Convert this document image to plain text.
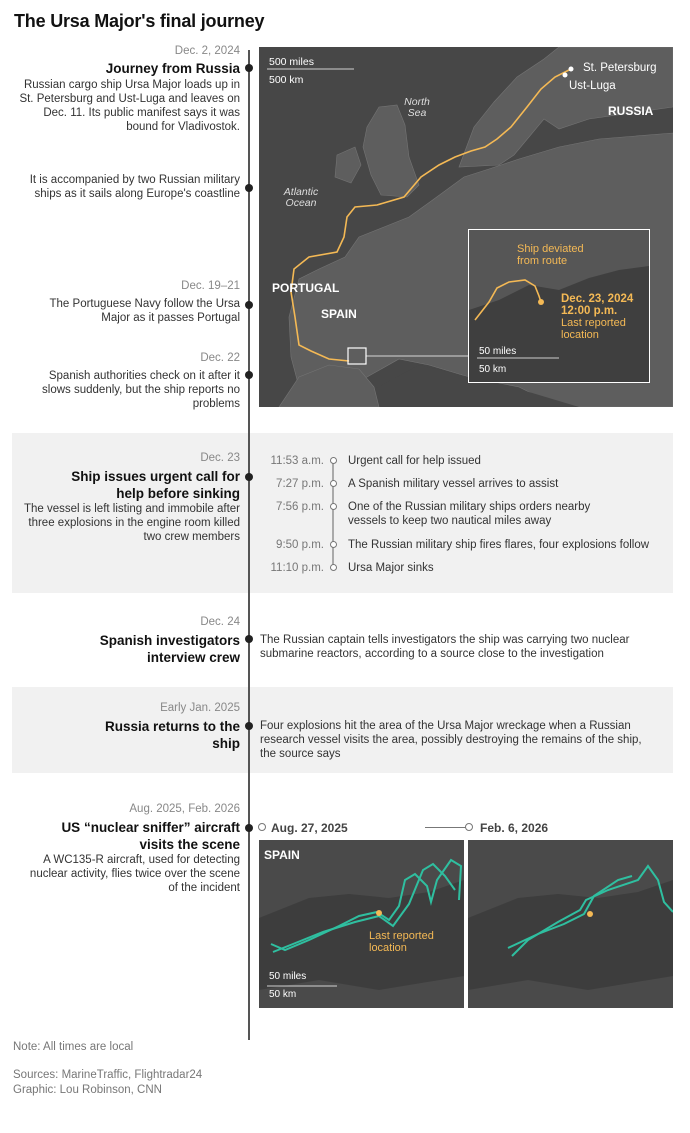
The Ursa Major's final journey
Dec. 2, 2024
Journey from Russia
Russian cargo ship Ursa Major loads up in St. Petersburg and Ust-Luga and leaves on Dec. 11. Its public manifest says it was bound for Vladivostok.
It is accompanied by two Russian military ships as it sails along Europe's coastline
Dec. 19–21
The Portuguese Navy follow the Ursa Major as it passes Portugal
Dec. 22
Spanish authorities check on it after it slows suddenly, but the ship reports no problems
Dec. 23
Ship issues urgent call for help before sinking
The vessel is left listing and immobile after three explosions in the engine room killed two crew members
11:53 a.m. Urgent call for help issued
7:27 p.m. A Spanish military vessel arrives to assist
7:56 p.m. One of the Russian military ships orders nearby vessels to keep two nautical miles away
9:50 p.m. The Russian military ship fires flares, four explosions follow
11:10 p.m. Ursa Major sinks
Dec. 24
Spanish investigators interview crew
The Russian captain tells investigators the ship was carrying two nuclear submarine reactors, according to a source close to the investigation
Early Jan. 2025
Russia returns to the ship
Four explosions hit the area of the Ursa Major wreckage when a Russian research vessel visits the area, possibly destroying the remains of the ship, the source says
Aug. 2025, Feb. 2026
US “nuclear sniffer” aircraft visits the scene
A WC135-R aircraft, used for detecting nuclear activity, flies twice over the scene of the incident
500 miles
500 km
St. Petersburg
Ust-Luga
RUSSIA
North Sea
Atlantic Ocean
PORTUGAL
SPAIN
Ship deviated from route
Dec. 23, 2024
12:00 p.m.
Last reported location
50 miles
50 km
Aug. 27, 2025	Feb. 6, 2026
SPAIN
Last reported location
50 miles
50 km
Note: All times are local
Sources: MarineTraffic, Flightradar24
Graphic: Lou Robinson, CNN
